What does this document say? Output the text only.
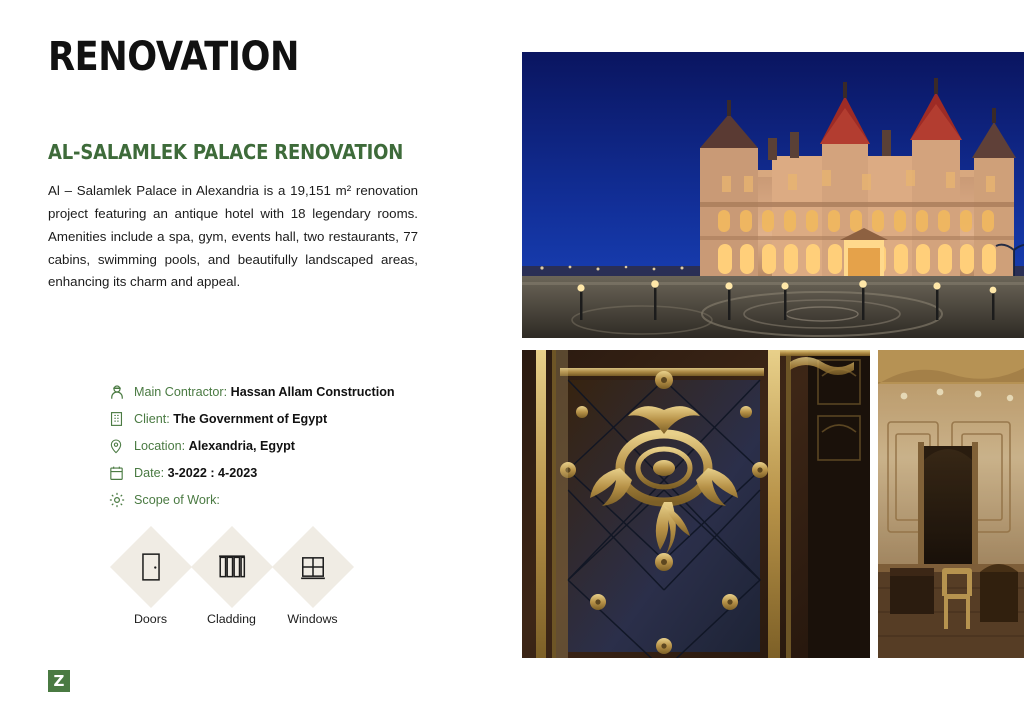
RENOVATION
AL-SALAMLEK PALACE RENOVATION
Al – Salamlek Palace in Alexandria is a 19,151 m² renovation project featuring an antique hotel with 18 legendary rooms. Amenities include a spa, gym, events hall, two restaurants, 77 cabins, swimming pools, and beautifully landscaped areas, enhancing its charm and appeal.
Main Contractor: Hassan Allam Construction
Client: The Government of Egypt
Location: Alexandria, Egypt
Date: 3-2022 : 4-2023
Scope of Work:
Doors	Cladding	Windows
Z
